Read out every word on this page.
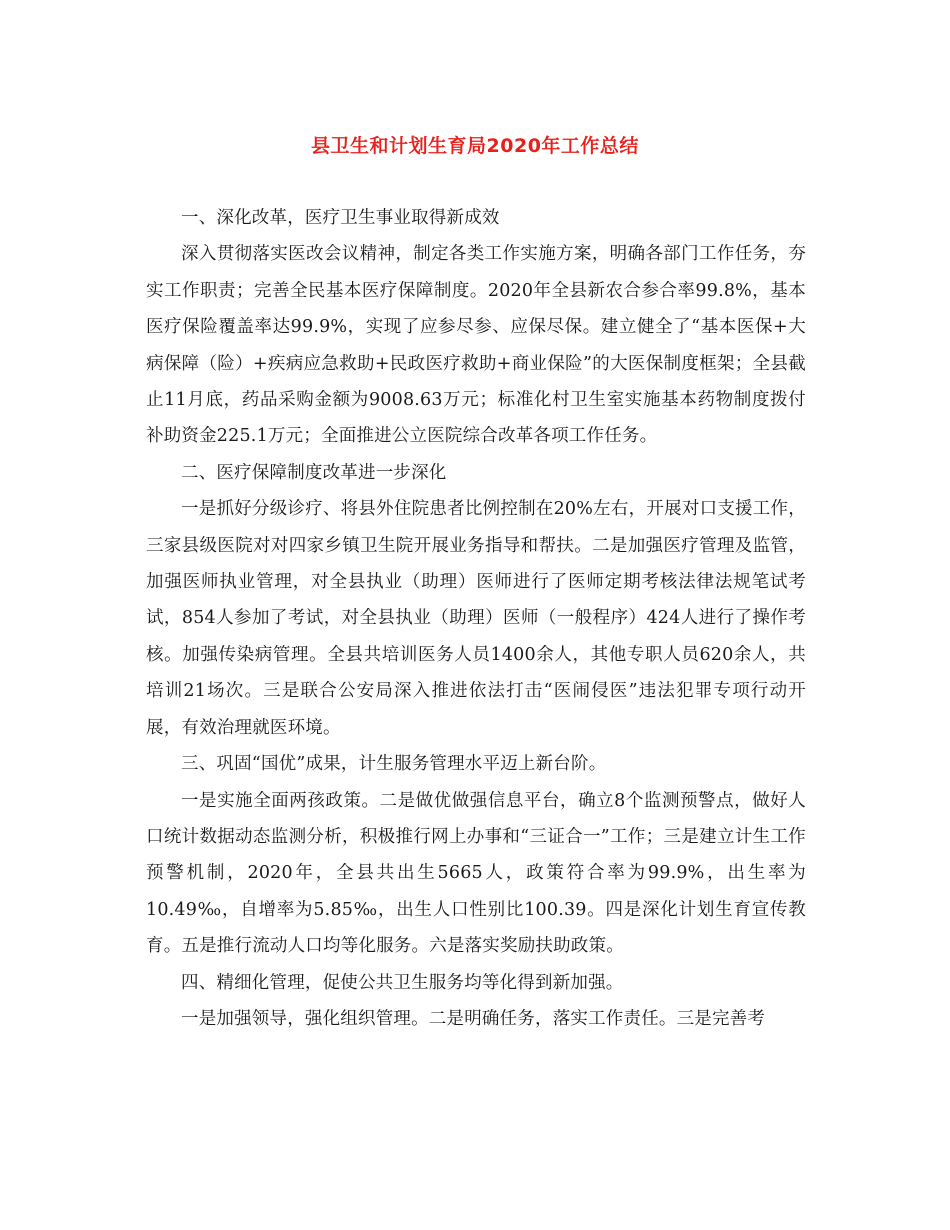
县卫生和计划生育局2020年工作总结

一、深化改革，医疗卫生事业取得新成效

深入贯彻落实医改会议精神，制定各类工作实施方案，明确各部门工作任务，夯实工作职责；完善全民基本医疗保障制度。2020年全县新农合参合率99.8%，基本医疗保险覆盖率达99.9%，实现了应参尽参、应保尽保。建立健全了“基本医保+大病保障（险）+疾病应急救助+民政医疗救助+商业保险”的大医保制度框架；全县截止11月底，药品采购金额为9008.63万元；标准化村卫生室实施基本药物制度拨付补助资金225.1万元；全面推进公立医院综合改革各项工作任务。

二、医疗保障制度改革进一步深化

一是抓好分级诊疗、将县外住院患者比例控制在20%左右，开展对口支援工作，三家县级医院对对四家乡镇卫生院开展业务指导和帮扶。二是加强医疗管理及监管，加强医师执业管理，对全县执业（助理）医师进行了医师定期考核法律法规笔试考试，854人参加了考试，对全县执业（助理）医师（一般程序）424人进行了操作考核。加强传染病管理。全县共培训医务人员1400余人，其他专职人员620余人，共培训21场次。三是联合公安局深入推进依法打击“医闹侵医”违法犯罪专项行动开展，有效治理就医环境。

三、巩固“国优”成果，计生服务管理水平迈上新台阶。

一是实施全面两孩政策。二是做优做强信息平台，确立8个监测预警点，做好人口统计数据动态监测分析，积极推行网上办事和“三证合一”工作；三是建立计生工作预警机制，2020年，全县共出生5665人，政策符合率为99.9%，出生率为10.49‰，自增率为5.85‰，出生人口性别比100.39。四是深化计划生育宣传教育。五是推行流动人口均等化服务。六是落实奖励扶助政策。

四、精细化管理，促使公共卫生服务均等化得到新加强。

一是加强领导，强化组织管理。二是明确任务，落实工作责任。三是完善考
